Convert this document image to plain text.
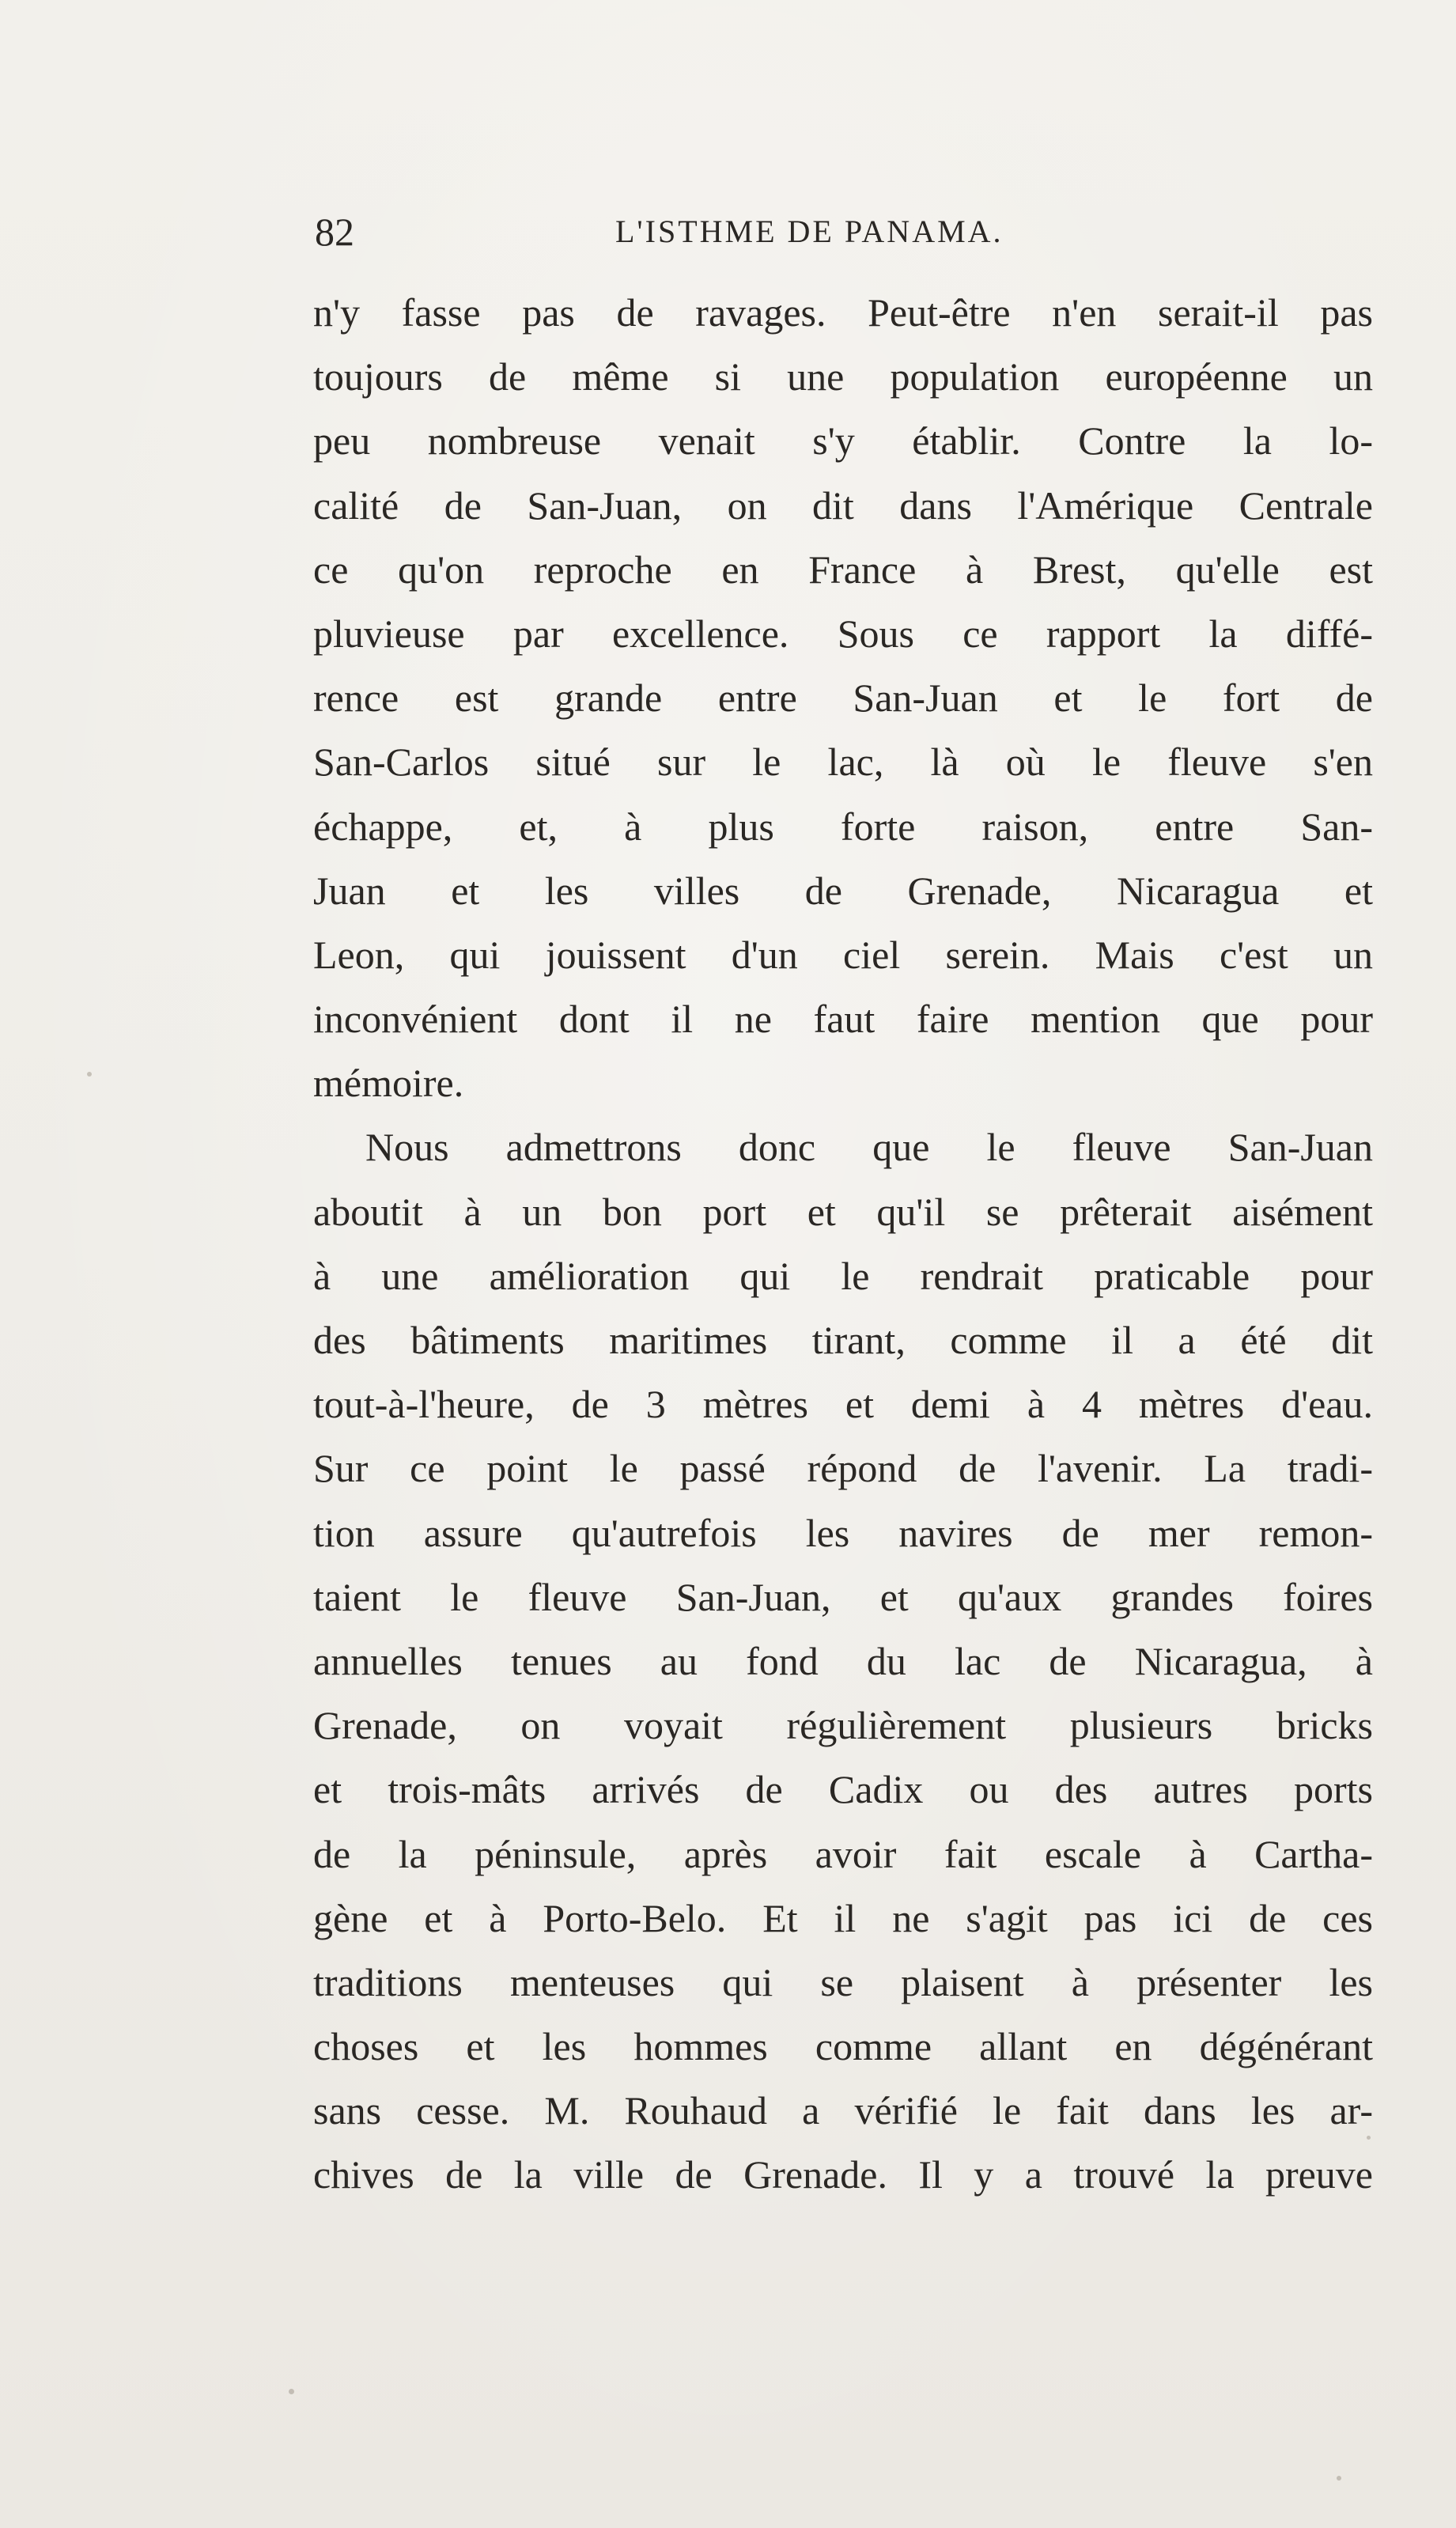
82	L'ISTHME DE PANAMA.
n'y fasse pas de ravages. Peut-être n'en serait-il pas
toujours de même si une population européenne un
peu nombreuse venait s'y établir. Contre la lo-
calité de San-Juan, on dit dans l'Amérique Centrale
ce qu'on reproche en France à Brest, qu'elle est
pluvieuse par excellence. Sous ce rapport la diffé-
rence est grande entre San-Juan et le fort de
San-Carlos situé sur le lac, là où le fleuve s'en
échappe, et, à plus forte raison, entre San-
Juan et les villes de Grenade, Nicaragua et
Leon, qui jouissent d'un ciel serein. Mais c'est un
inconvénient dont il ne faut faire mention que pour
mémoire.
Nous admettrons donc que le fleuve San-Juan
aboutit à un bon port et qu'il se prêterait aisément
à une amélioration qui le rendrait praticable pour
des bâtiments maritimes tirant, comme il a été dit
tout-à-l'heure, de 3 mètres et demi à 4 mètres d'eau.
Sur ce point le passé répond de l'avenir. La tradi-
tion assure qu'autrefois les navires de mer remon-
taient le fleuve San-Juan, et qu'aux grandes foires
annuelles tenues au fond du lac de Nicaragua, à
Grenade, on voyait régulièrement plusieurs bricks
et trois-mâts arrivés de Cadix ou des autres ports
de la péninsule, après avoir fait escale à Cartha-
gène et à Porto-Belo. Et il ne s'agit pas ici de ces
traditions menteuses qui se plaisent à présenter les
choses et les hommes comme allant en dégénérant
sans cesse. M. Rouhaud a vérifié le fait dans les ar-
chives de la ville de Grenade. Il y a trouvé la preuve
